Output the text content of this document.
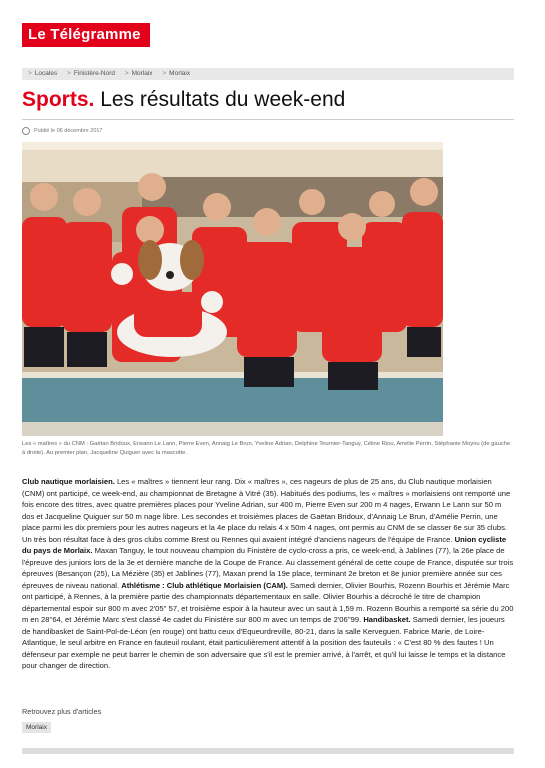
Le Télégramme
> Locales > Finistère-Nord > Morlaix > Morlaix
Sports. Les résultats du week-end
Publié le 06 décembre 2017
Les « maîtres » du CNM : Gaëtan Bridoux, Erwann Le Lann, Pierre Even, Annaig Le Brun, Yveline Adrian, Delphine Teurnier-Tanguy, Céline Riou, Amélie Perrin, Stéphanie Moyou (de gauche à droite). Au premier plan, Jacqueline Quiguer avec la mascotte.
Club nautique morlaisien. Les « maîtres » tiennent leur rang. Dix « maîtres », ces nageurs de plus de 25 ans, du Club nautique morlaisien (CNM) ont participé, ce week-end, au championnat de Bretagne à Vitré (35). Habitués des podiums, les « maîtres » morlaisiens ont remporté une fois encore des titres, avec quatre premières places pour Yveline Adrian, sur 400 m, Pierre Even sur 200 m 4 nages, Erwann Le Lann sur 50 m dos et Jacqueline Quiguer sur 50 m nage libre. Les secondes et troisièmes places de Gaëtan Bridoux, d'Annaig Le Brun, d'Amélie Perrin, une place parmi les dix premiers pour les autres nageurs et la 4e place du relais 4 x 50m 4 nages, ont permis au CNM de se classer 6e sur 35 clubs. Un très bon résultat face à des gros clubs comme Brest ou Rennes qui avaient intégré d'anciens nageurs de l'équipe de France. Union cycliste du pays de Morlaix. Maxan Tanguy, le tout nouveau champion du Finistère de cyclo-cross a pris, ce week-end, à Jablines (77), la 26e place de l'épreuve des juniors lors de la 3e et dernière manche de la Coupe de France. Au classement général de cette coupe de France, disputée sur trois épreuves (Besançon (25), La Mézière (35) et Jablines (77), Maxan prend la 19e place, terminant 2e breton et 8e junior première année sur ces épreuves de niveau national. Athlétisme : Club athlétique Morlaisien (CAM). Samedi dernier, Olivier Bourhis, Rozenn Bourhis et Jérémie Marc ont participé, à Rennes, à la première partie des championnats départementaux en salle. Olivier Bourhis a décroché le titre de champion départemental espoir sur 800 m avec 2'05'' 57, et troisième espoir à la hauteur avec un saut à 1,59 m. Rozenn Bourhis a remporté sa série du 200 m en 28''64, et Jérémie Marc s'est classé 4e cadet du Finistère sur 800 m avec un temps de 2'06''99. Handibasket. Samedi dernier, les joueurs de handibasket de Saint-Pol-de-Léon (en rouge) ont battu ceux d'Equeurdreville, 80-21, dans la salle Kerveguen. Fabrice Marie, de Loire-Atlantique, le seul arbitre en France en fauteuil roulant, était particulièrement attentif à la position des fauteuils : « C'est 80 % des fautes ! Un défenseur par exemple ne peut barrer le chemin de son adversaire que s'il est le premier arrivé, à l'arrêt, et qu'il lui laisse le temps et la distance pour changer de direction.
Retrouvez plus d'articles
Morlaix
